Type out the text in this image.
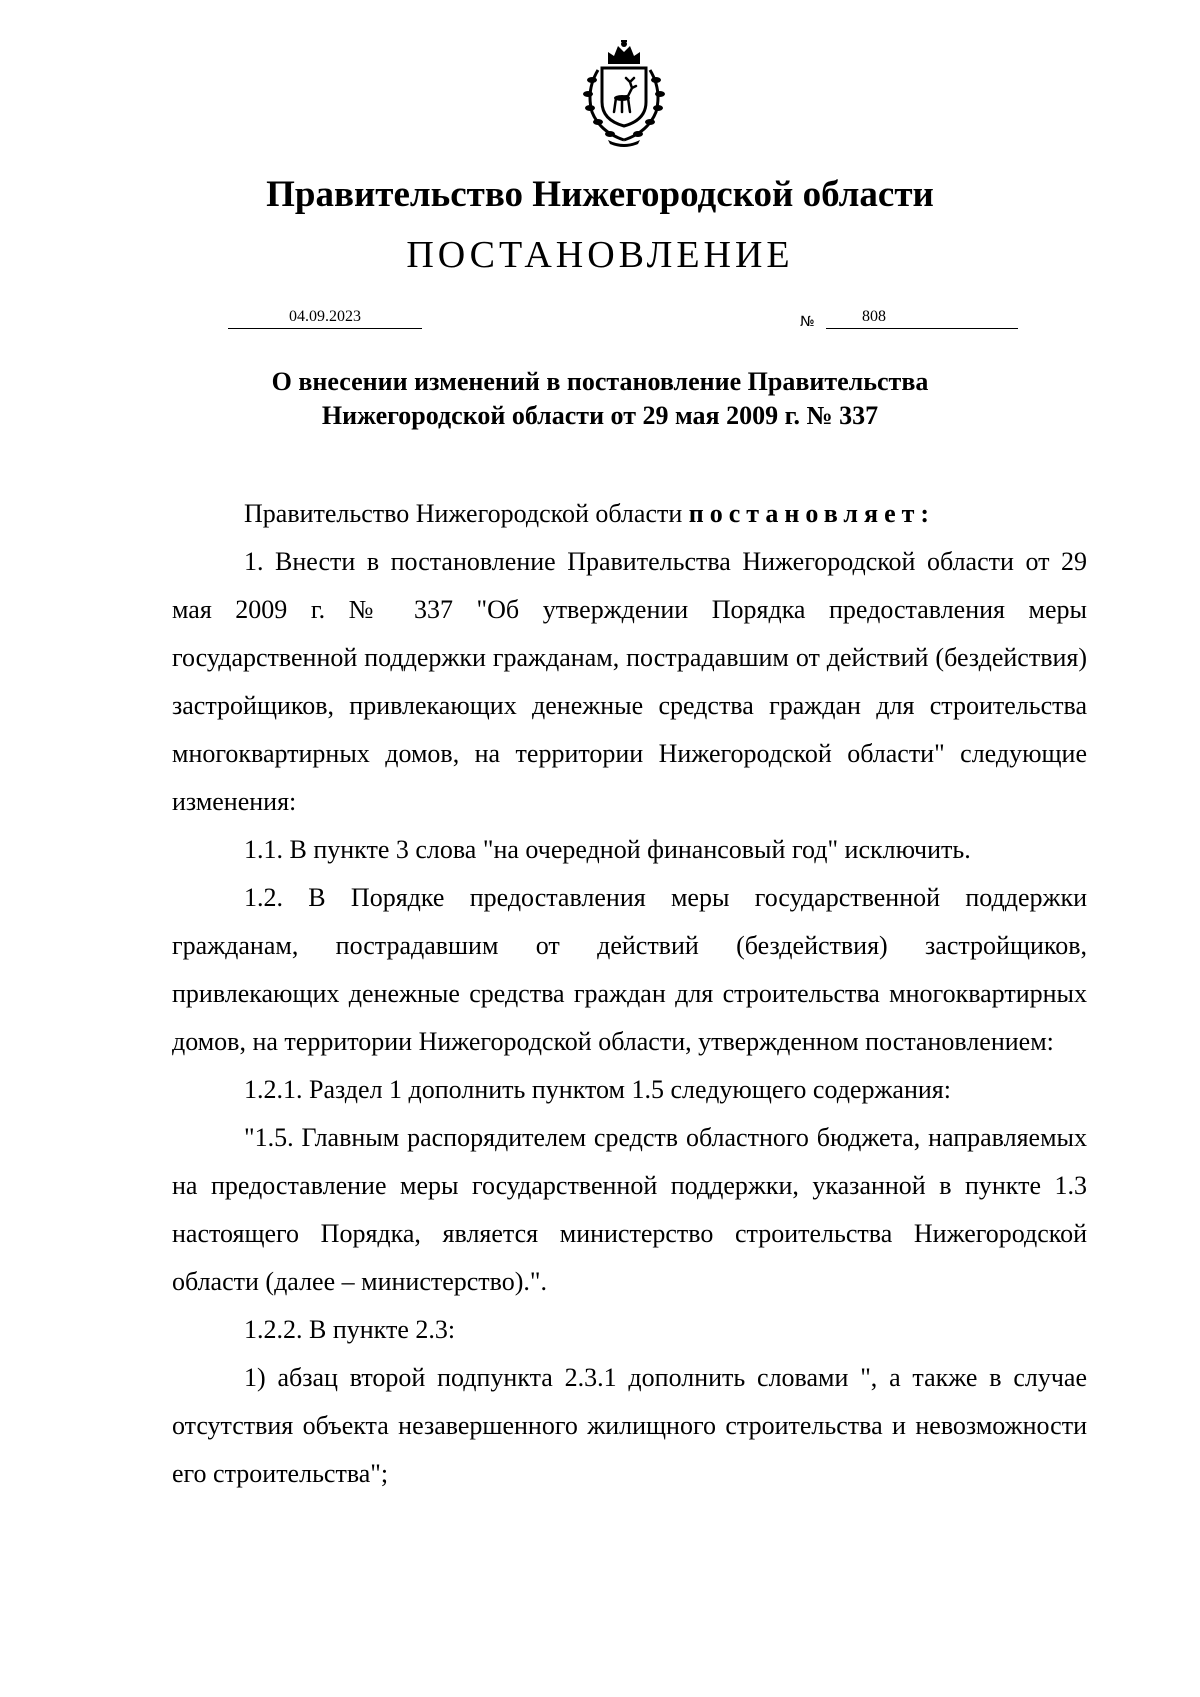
Правительство Нижегородской области
ПОСТАНОВЛЕНИЕ
04.09.2023	№	808
О внесении изменений в постановление Правительства
Нижегородской области от 29 мая 2009 г. № 337

Правительство Нижегородской области постановляет:

1. Внести в постановление Правительства Нижегородской области от 29 мая 2009 г. № 337 "Об утверждении Порядка предоставления меры государственной поддержки гражданам, пострадавшим от действий (бездействия) застройщиков, привлекающих денежные средства граждан для строительства многоквартирных домов, на территории Нижегородской области" следующие изменения:

1.1. В пункте 3 слова "на очередной финансовый год" исключить.

1.2. В Порядке предоставления меры государственной поддержки гражданам, пострадавшим от действий (бездействия) застройщиков, привлекающих денежные средства граждан для строительства многоквартирных домов, на территории Нижегородской области, утвержденном постановлением:

1.2.1. Раздел 1 дополнить пунктом 1.5 следующего содержания:

"1.5. Главным распорядителем средств областного бюджета, направляемых на предоставление меры государственной поддержки, указанной в пункте 1.3 настоящего Порядка, является министерство строительства Нижегородской области (далее – министерство).".

1.2.2. В пункте 2.3:

1) абзац второй подпункта 2.3.1 дополнить словами ", а также в случае отсутствия объекта незавершенного жилищного строительства и невозможности его строительства";
